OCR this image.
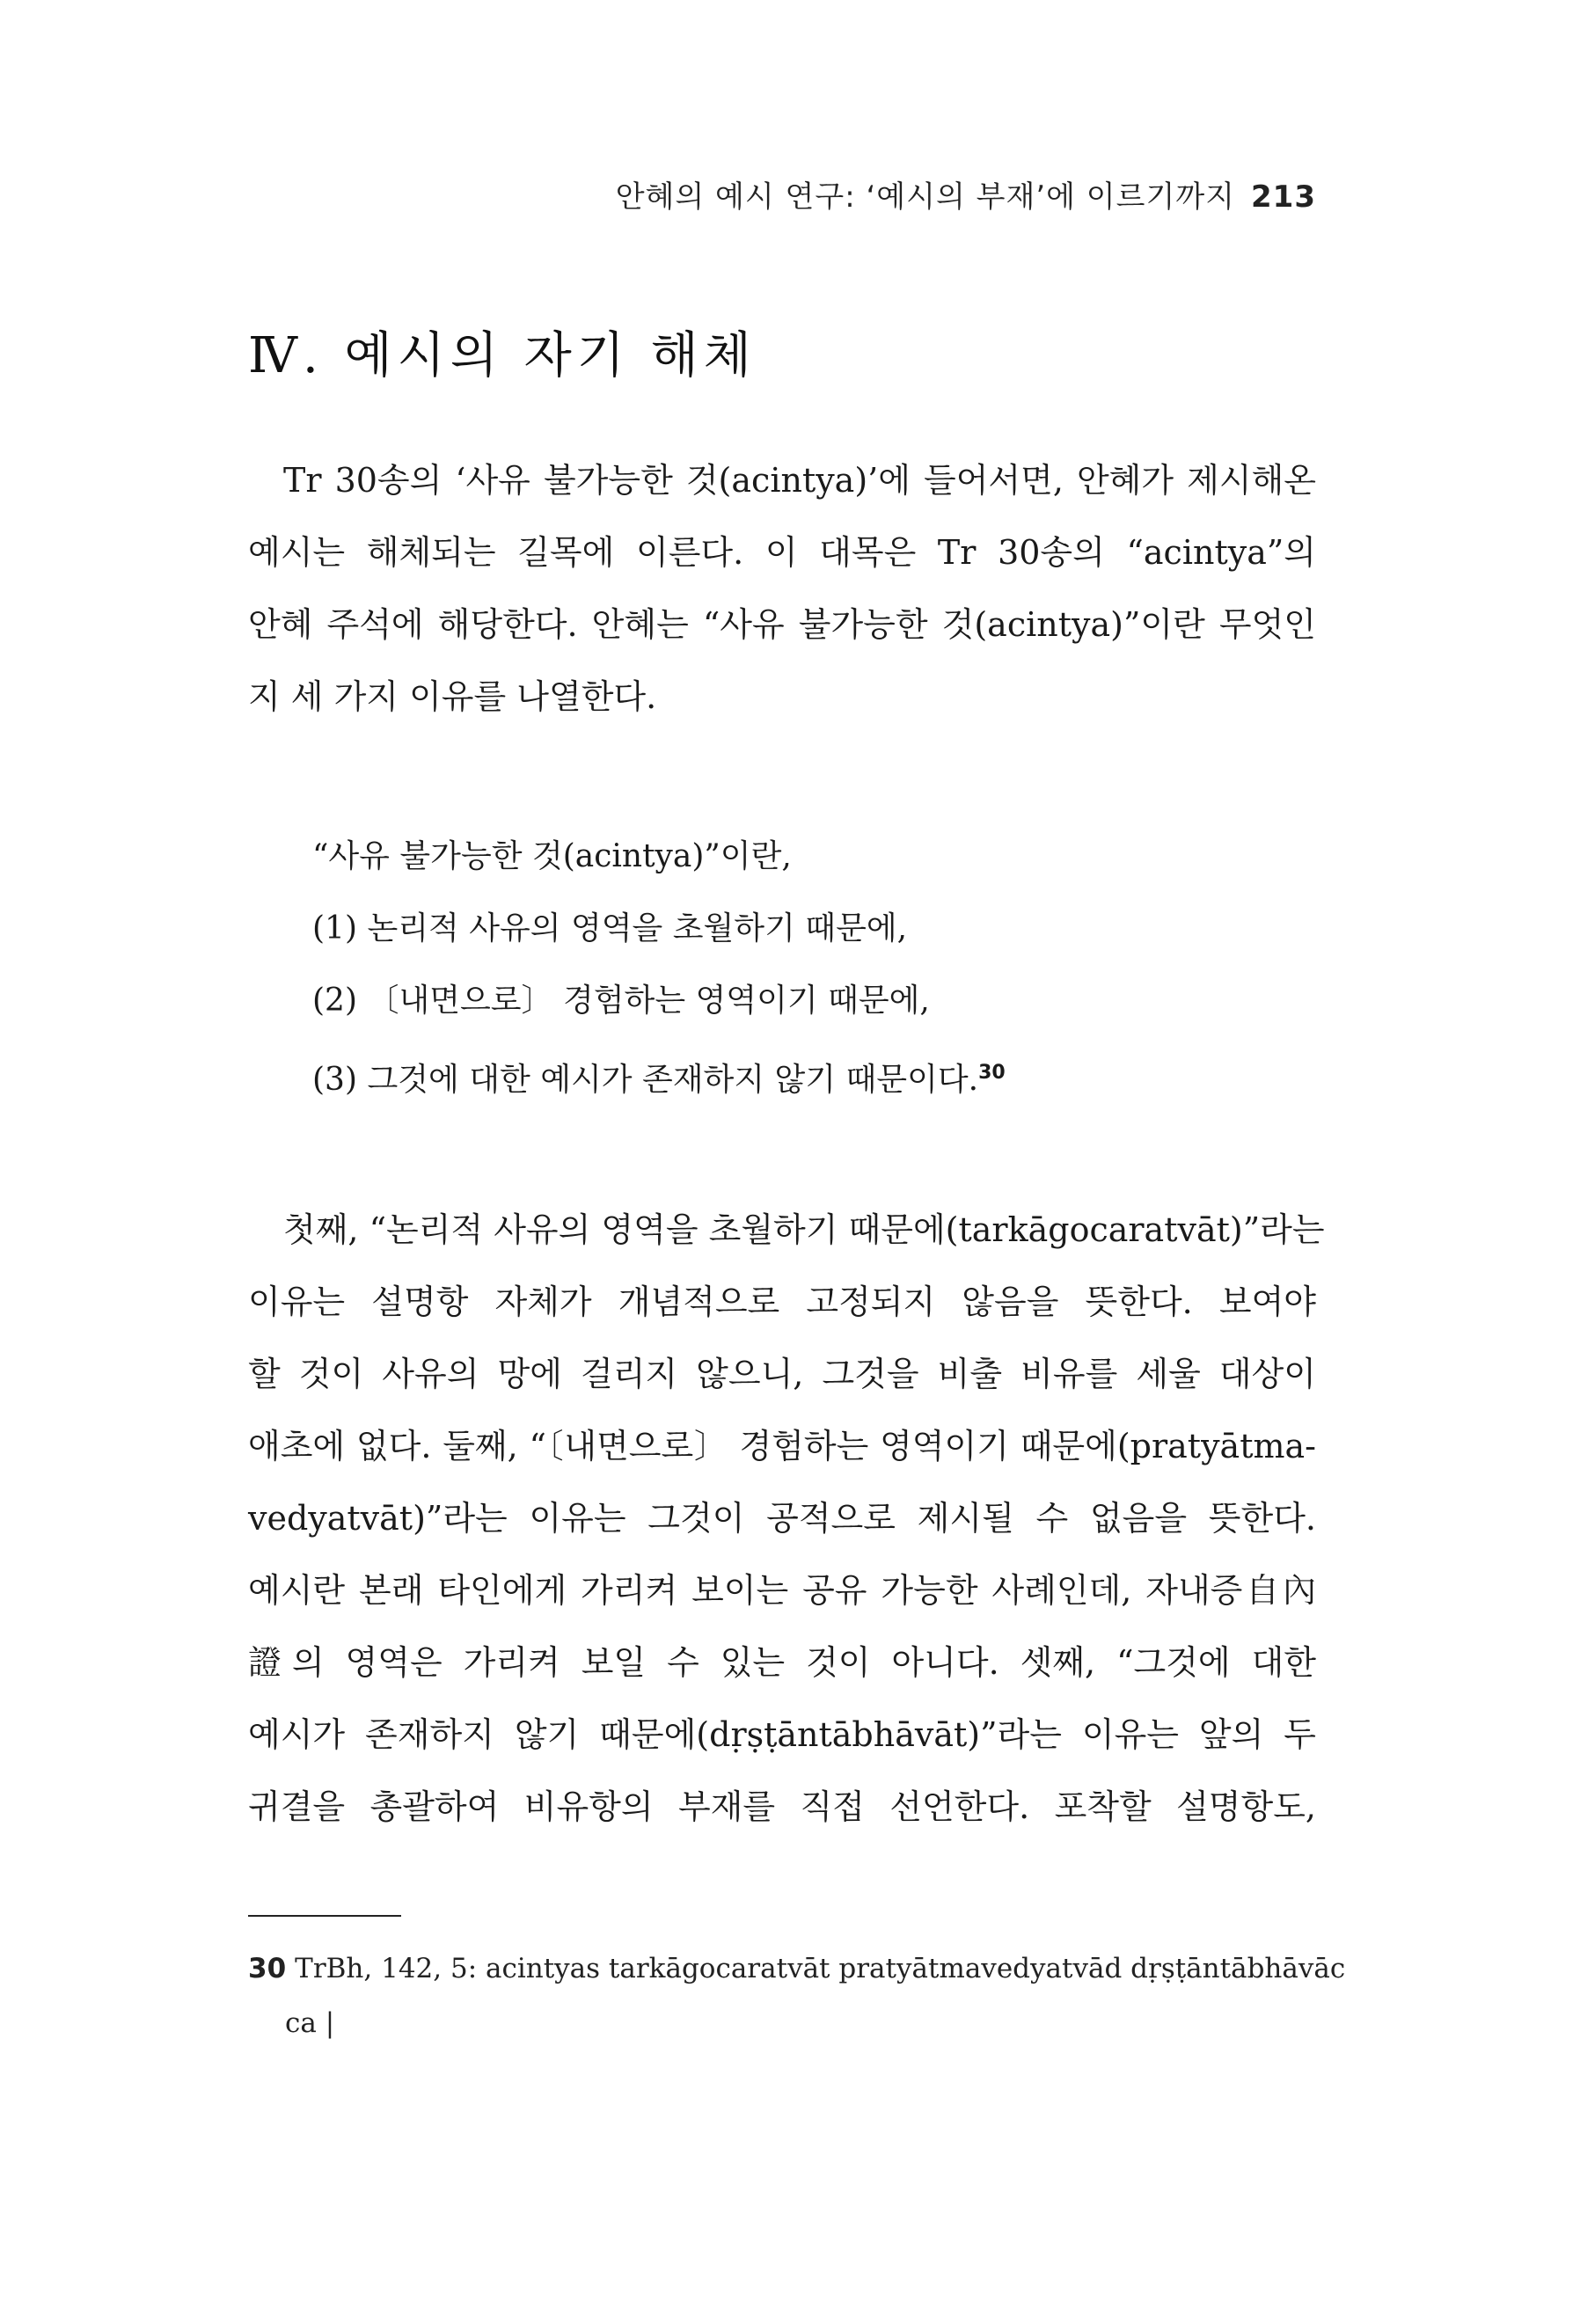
안혜의 예시 연구: ‘예시의 부재’에 이르기까지 213
Ⅳ. 예시의 자기 해체
Tr 30송의 ‘사유 불가능한 것(acintya)’에 들어서면, 안혜가 제시해온
예시는 해체되는 길목에 이른다. 이 대목은 Tr 30송의 “acintya”의
안혜 주석에 해당한다. 안혜는 “사유 불가능한 것(acintya)”이란 무엇인
지 세 가지 이유를 나열한다.
“사유 불가능한 것(acintya)”이란,
(1) 논리적 사유의 영역을 초월하기 때문에,
(2) 〔내면으로〕 경험하는 영역이기 때문에,
(3) 그것에 대한 예시가 존재하지 않기 때문이다.$^{30}$
첫째, “논리적 사유의 영역을 초월하기 때문에(tarkāgocaratvāt)”라는
이유는 설명항 자체가 개념적으로 고정되지 않음을 뜻한다. 보여야
할 것이 사유의 망에 걸리지 않으니, 그것을 비출 비유를 세울 대상이
애초에 없다. 둘째, “〔내면으로〕 경험하는 영역이기 때문에(pratyātma-
vedyatvāt)”라는 이유는 그것이 공적으로 제시될 수 없음을 뜻한다.
예시란 본래 타인에게 가리켜 보이는 공유 가능한 사례인데, 자내증自內
證의 영역은 가리켜 보일 수 있는 것이 아니다. 셋째, “그것에 대한
예시가 존재하지 않기 때문에(dṛṣṭāntābhāvāt)”라는 이유는 앞의 두
귀결을 총괄하여 비유항의 부재를 직접 선언한다. 포착할 설명항도,
30 TrBh, 142, 5: acintyas tarkāgocaratvāt pratyātmavedyatvād dṛṣṭāntābhāvāc
ca |
